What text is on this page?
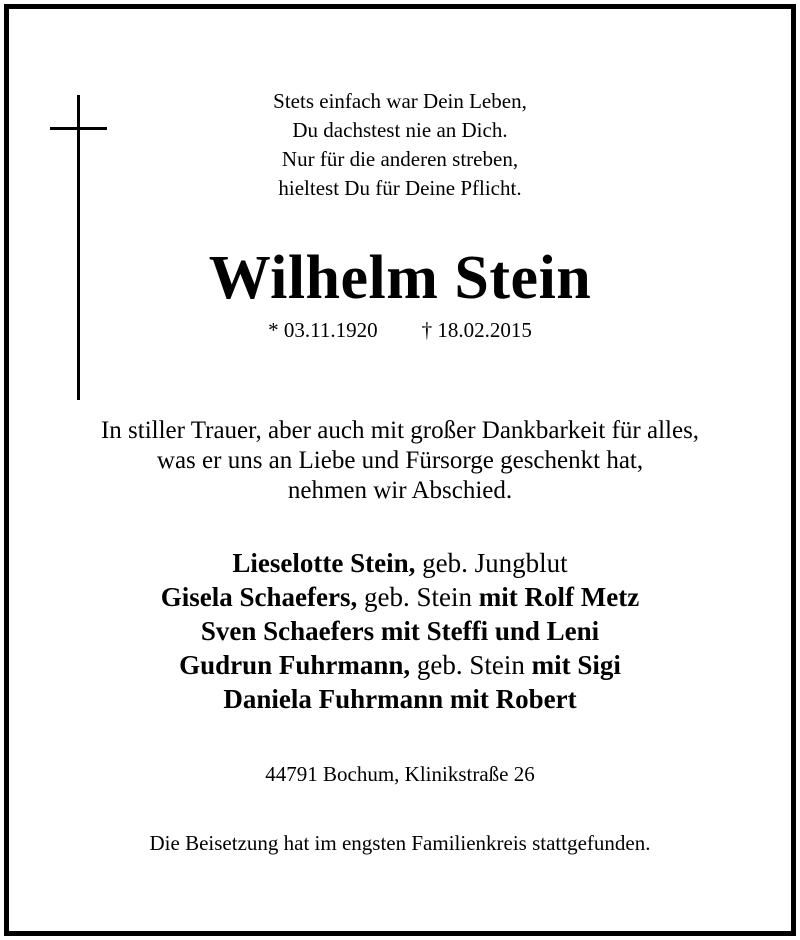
Stets einfach war Dein Leben,
Du dachstest nie an Dich.
Nur für die anderen streben,
hieltest Du für Deine Pflicht.
Wilhelm Stein
* 03.11.1920 † 18.02.2015
In stiller Trauer, aber auch mit großer Dankbarkeit für alles,
was er uns an Liebe und Fürsorge geschenkt hat,
nehmen wir Abschied.
Lieselotte Stein, geb. Jungblut
Gisela Schaefers, geb. Stein mit Rolf Metz
Sven Schaefers mit Steffi und Leni
Gudrun Fuhrmann, geb. Stein mit Sigi
Daniela Fuhrmann mit Robert
44791 Bochum, Klinikstraße 26
Die Beisetzung hat im engsten Familienkreis stattgefunden.
